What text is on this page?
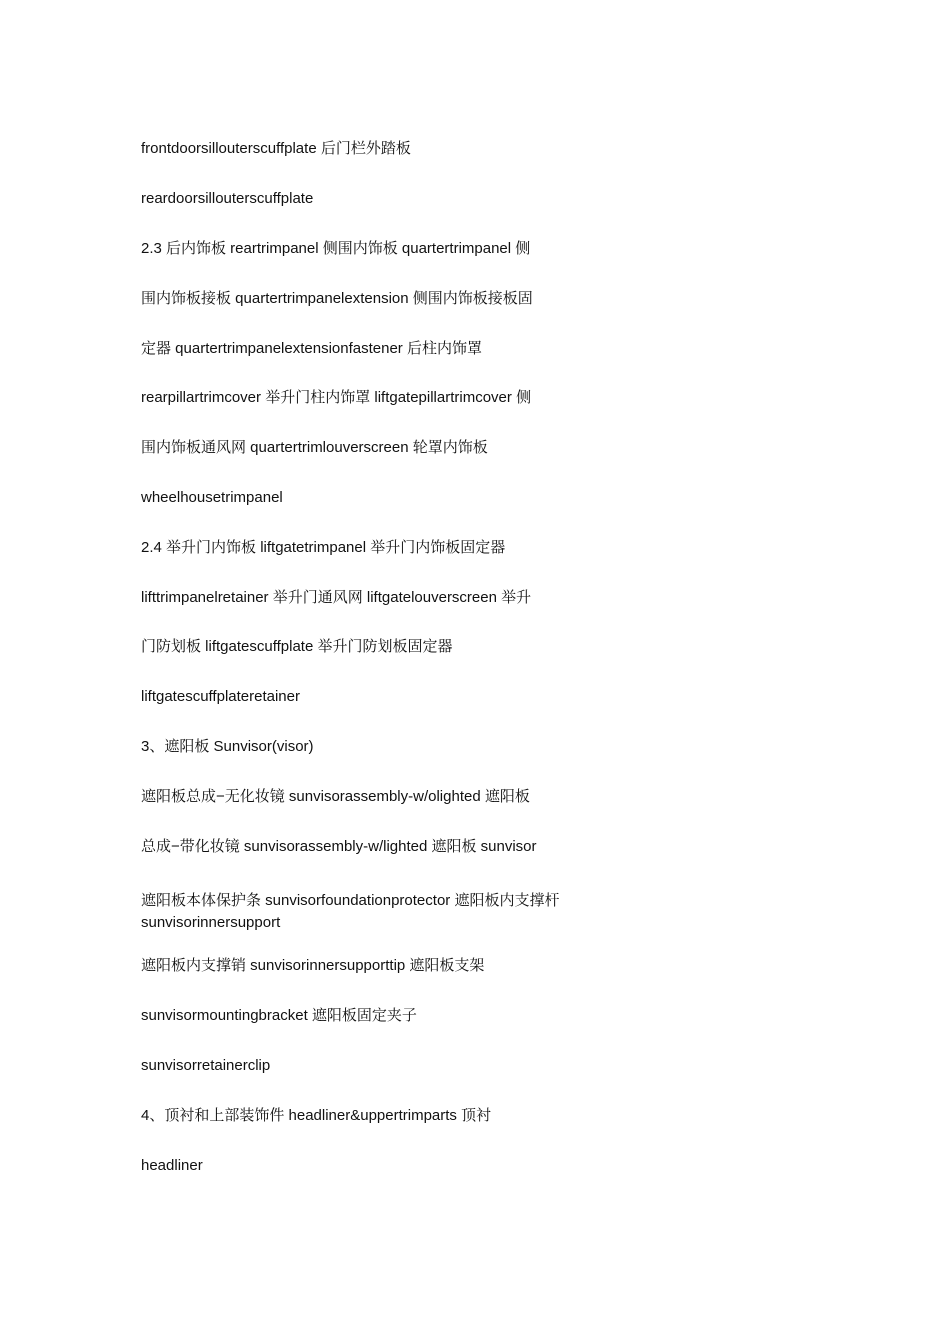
frontdoorsillouterscuffplate 后门栏外踏板
reardoorsillouterscuffplate
2.3 后内饰板 reartrimpanel 侧围内饰板 quartertrimpanel 侧
围内饰板接板 quartertrimpanelextension 侧围内饰板接板固
定器 quartertrimpanelextensionfastener 后柱内饰罩
rearpillartrimcover 举升门柱内饰罩 liftgatepillartrimcover 侧
围内饰板通风网 quartertrimlouverscreen 轮罩内饰板
wheelhousetrimpanel
2.4 举升门内饰板 liftgatetrimpanel 举升门内饰板固定器
lifttrimpanelretainer 举升门通风网 liftgatelouverscreen 举升
门防划板 liftgatescuffplate 举升门防划板固定器
liftgatescuffplateretainer
3、遮阳板 Sunvisor(visor)
遮阳板总成−无化妆镜 sunvisorassembly-w/olighted 遮阳板
总成−带化妆镜 sunvisorassembly-w/lighted 遮阳板 sunvisor
遮阳板本体保护条 sunvisorfoundationprotector 遮阳板内支撑杆 sunvisorinnersupport
遮阳板内支撑销 sunvisorinnersupporttip 遮阳板支架
sunvisormountingbracket 遮阳板固定夹子
sunvisorretainerclip
4、顶衬和上部装饰件 headliner&uppertrimparts 顶衬
headliner
